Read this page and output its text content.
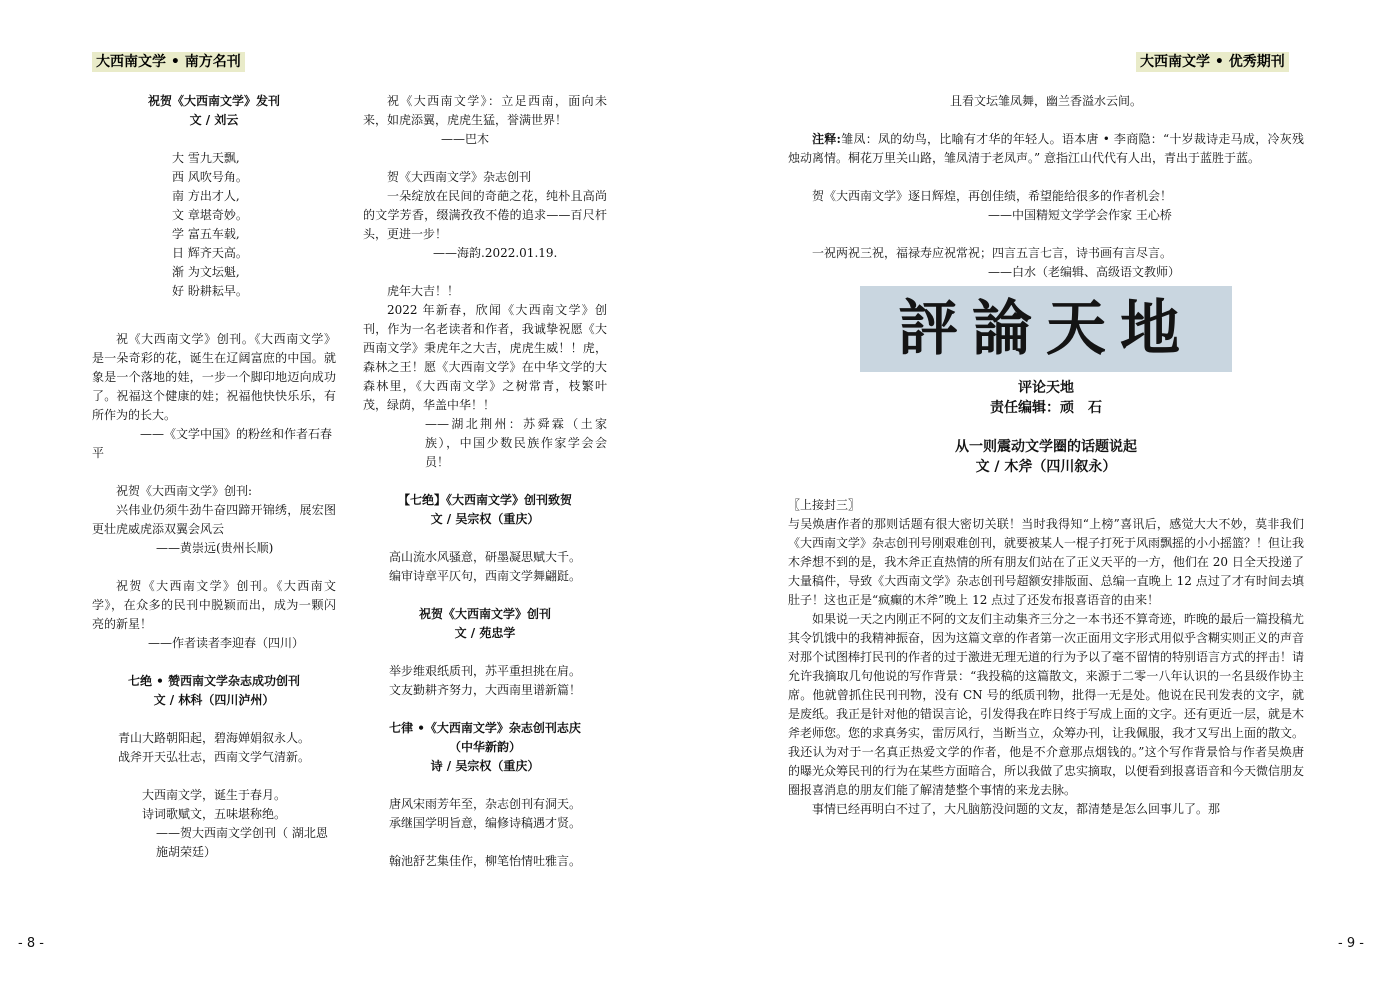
大西南文学 • 南方名刊	大西南文学 • 优秀期刊

祝贺《大西南文学》发刊

文 / 刘云

大 雪九天飘,

西 风吹号角。

南 方出才人,

文 章堪奇妙。

学 富五车载,

日 辉齐天高。

渐 为文坛魁,

好 盼耕耘早。

祝《大西南文学》创刊。《大西南文学》是一朵奇彩的花，诞生在辽阔富庶的中国。就象是一个落地的娃，一步一个脚印地迈向成功了。祝福这个健康的娃；祝福他快快乐乐，有所作为的长大。

——《文学中国》的粉丝和作者石春平

祝贺《大西南文学》创刊:

兴伟业仍须牛劲牛奋四蹄开锦绣，展宏图更壮虎威虎添双翼会风云

——黄崇远(贵州长顺)

祝贺《大西南文学》创刊。《大西南文学》，在众多的民刊中脱颖而出，成为一颗闪亮的新星！

——作者读者李迎春（四川）

七绝 • 赞西南文学杂志成功创刊

文 / 林科（四川泸州）

青山大路朝阳起，碧海婵娟叙永人。

战斧开天弘壮志，西南文学气清新。

大西南文学，诞生于春月。

诗词歌赋文，五味堪称绝。

——贺大西南文学创刊（ 湖北恩施胡荣廷）

祝《大西南文学》：立足西南，面向未来，如虎添翼，虎虎生猛，誉满世界！

——巴木

贺《大西南文学》杂志创刊

一朵绽放在民间的奇葩之花，纯朴且高尚的文学芳香，缀满孜孜不倦的追求——百尺杆头，更进一步！

——海韵.2022.01.19.

虎年大吉！！

2022 年新春，欣闻《大西南文学》创刊，作为一名老读者和作者，我诚挚祝愿《大西南文学》秉虎年之大吉，虎虎生威！！虎，森林之王！愿《大西南文学》在中华文学的大森林里，《大西南文学》之树常青，枝繁叶茂，绿荫，华盖中华！！

——湖北荆州：苏舜霖（土家族），中国少数民族作家学会会员！

【七绝】《大西南文学》创刊致贺

文 / 吴宗权（重庆）

高山流水风骚意，研墨凝思赋大千。

编审诗章平仄句，西南文学舞翩跹。

祝贺《大西南文学》创刊

文 / 苑忠学

举步维艰纸质刊，苏平重担挑在肩。

文友勤耕齐努力，大西南里谱新篇！

七律 •《大西南文学》杂志创刊志庆

（中华新韵）

诗 / 吴宗权（重庆）

唐风宋雨芳年至，杂志创刊有洞天。

承继国学明旨意，编修诗稿遇才贤。

翰池舒艺集佳作，柳笔怡情吐雅言。

且看文坛雏凤舞，幽兰香溢水云间。

注释:雏凤：凤的幼鸟，比喻有才华的年轻人。语本唐 • 李商隐：“十岁裁诗走马成，冷灰残烛动离情。桐花万里关山路，雏凤清于老凤声。” 意指江山代代有人出，青出于蓝胜于蓝。

贺《大西南文学》逐日辉煌，再创佳绩，希望能给很多的作者机会！

——中国精短文学学会作家 王心桥

一祝两祝三祝，福禄寿应祝常祝；四言五言七言，诗书画有言尽言。

——白水（老编辑、高级语文教师）

評論天地

评论天地

责任编辑：顽　石

从一则震动文学圈的话题说起

文 / 木斧（四川叙永）

〖上接封三〗

与吴焕唐作者的那则话题有很大密切关联！当时我得知“上榜”喜讯后，感觉大大不妙，莫非我们《大西南文学》杂志创刊号刚艰难创刊，就要被某人一棍子打死于风雨飘摇的小小摇篮？！但让我木斧想不到的是，我木斧正直热情的所有朋友们站在了正义天平的一方，他们在 20 日全天投递了大量稿件，导致《大西南文学》杂志创刊号超额安排版面、总编一直晚上 12 点过了才有时间去填肚子！这也正是“疯癫的木斧”晚上 12 点过了还发布报喜语音的由来！

如果说一天之内刚正不阿的文友们主动集齐三分之一本书还不算奇迹，昨晚的最后一篇投稿尤其令饥饿中的我精神振奋，因为这篇文章的作者第一次正面用文字形式用似乎含糊实则正义的声音对那个试图棒打民刊的作者的过于激进无理无道的行为予以了毫不留情的特别语言方式的抨击！请允许我摘取几句他说的写作背景：“我投稿的这篇散文，来源于二零一八年认识的一名县级作协主席。他就曾抓住民刊刊物，没有 CN 号的纸质刊物，批得一无是处。他说在民刊发表的文字，就是废纸。我正是针对他的错误言论，引发得我在昨日终于写成上面的文字。还有更近一层，就是木斧老师您。您的求真务实，雷厉风行，当断当立，众筹办刊，让我佩服，我才又写出上面的散文。我还认为对于一名真正热爱文学的作者，他是不介意那点烟钱的。”这个写作背景恰与作者吴焕唐的曝光众筹民刊的行为在某些方面暗合，所以我做了忠实摘取，以便看到报喜语音和今天微信朋友圈报喜消息的朋友们能了解清楚整个事情的来龙去脉。

事情已经再明白不过了，大凡脑筋没问题的文友，都清楚是怎么回事儿了。那

- 8 -	- 9 -
